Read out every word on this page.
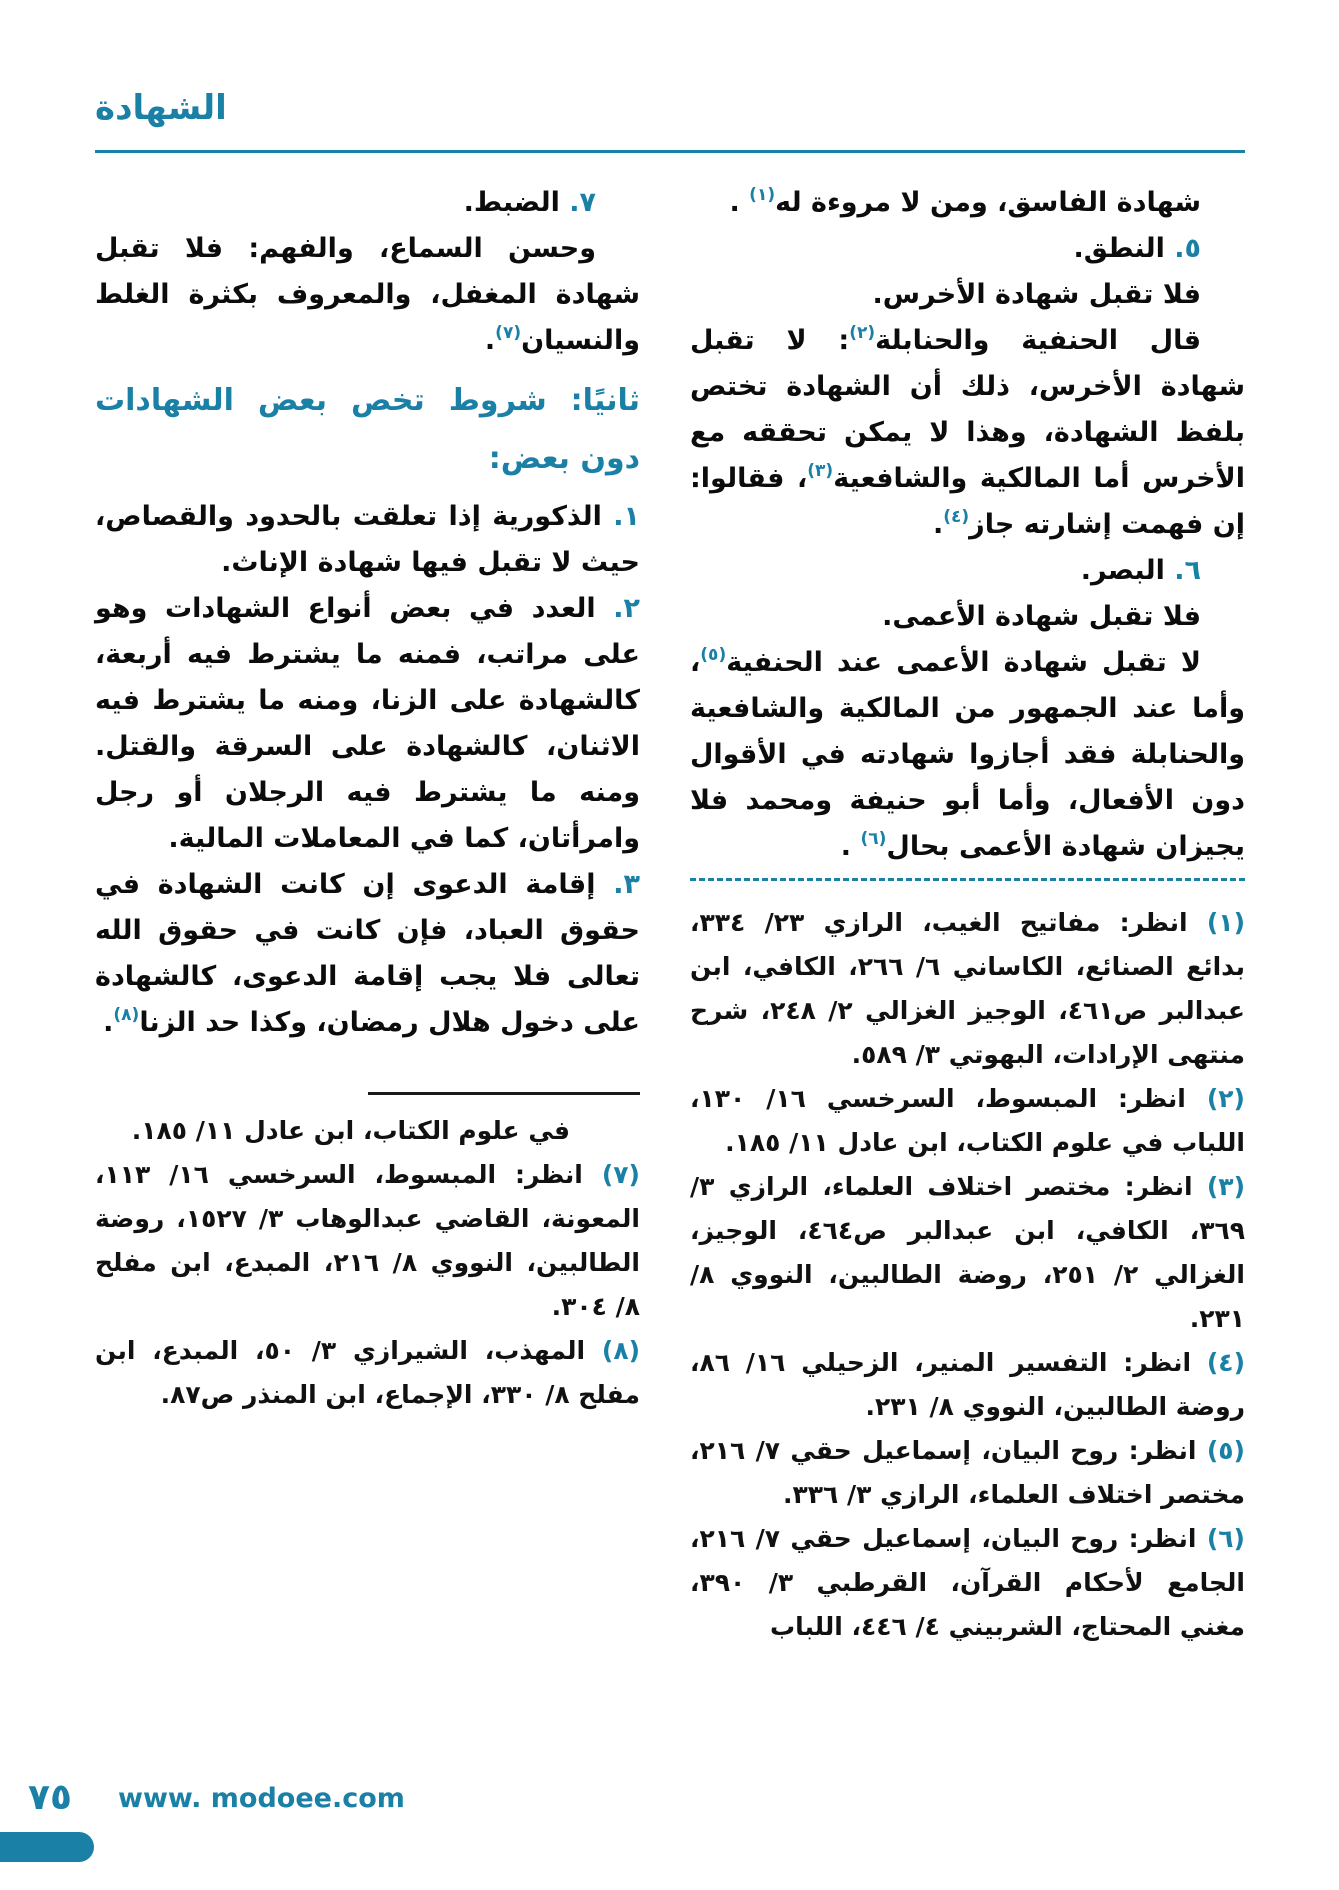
الشهادة

شهادة الفاسق، ومن لا مروءة له$^{(١)}$ .

٥. النطق.

فلا تقبل شهادة الأخرس.

قال الحنفية والحنابلة$^{(٢)}$: لا تقبل شهادة الأخرس، ذلك أن الشهادة تختص بلفظ الشهادة، وهذا لا يمكن تحققه مع الأخرس أما المالكية والشافعية$^{(٣)}$، فقالوا: إن فهمت إشارته جاز$^{(٤)}$.

٦. البصر.

فلا تقبل شهادة الأعمى.

لا تقبل شهادة الأعمى عند الحنفية$^{(٥)}$، وأما عند الجمهور من المالكية والشافعية والحنابلة فقد أجازوا شهادته في الأقوال دون الأفعال، وأما أبو حنيفة ومحمد فلا يجيزان شهادة الأعمى بحال$^{(٦)}$ .

(١) انظر: مفاتيح الغيب، الرازي ٢٣/ ٣٣٤، بدائع الصنائع، الكاساني ٦/ ٢٦٦، الكافي، ابن عبدالبر ص٤٦١، الوجيز الغزالي ٢/ ٢٤٨، شرح منتهى الإرادات، البهوتي ٣/ ٥٨٩.

(٢) انظر: المبسوط، السرخسي ١٦/ ١٣٠، اللباب في علوم الكتاب، ابن عادل ١١/ ١٨٥.

(٣) انظر: مختصر اختلاف العلماء، الرازي ٣/ ٣٦٩، الكافي، ابن عبدالبر ص٤٦٤، الوجيز، الغزالي ٢/ ٢٥١، روضة الطالبين، النووي ٨/ ٢٣١.

(٤) انظر: التفسير المنير، الزحيلي ١٦/ ٨٦، روضة الطالبين، النووي ٨/ ٢٣١.

(٥) انظر: روح البيان، إسماعيل حقي ٧/ ٢١٦، مختصر اختلاف العلماء، الرازي ٣/ ٣٣٦.

(٦) انظر: روح البيان، إسماعيل حقي ٧/ ٢١٦، الجامع لأحكام القرآن، القرطبي ٣/ ٣٩٠، مغني المحتاج، الشربيني ٤/ ٤٤٦، اللباب

٧. الضبط.

وحسن السماع، والفهم: فلا تقبل شهادة المغفل، والمعروف بكثرة الغلط والنسيان$^{(٧)}$.

ثانيًا: شروط تخص بعض الشهادات دون بعض:

١. الذكورية إذا تعلقت بالحدود والقصاص، حيث لا تقبل فيها شهادة الإناث.

٢. العدد في بعض أنواع الشهادات وهو على مراتب، فمنه ما يشترط فيه أربعة، كالشهادة على الزنا، ومنه ما يشترط فيه الاثنان، كالشهادة على السرقة والقتل. ومنه ما يشترط فيه الرجلان أو رجل وامرأتان، كما في المعاملات المالية.

٣. إقامة الدعوى إن كانت الشهادة في حقوق العباد، فإن كانت في حقوق الله تعالى فلا يجب إقامة الدعوى، كالشهادة على دخول هلال رمضان، وكذا حد الزنا$^{(٨)}$.

في علوم الكتاب، ابن عادل ١١/ ١٨٥.

(٧) انظر: المبسوط، السرخسي ١٦/ ١١٣، المعونة، القاضي عبدالوهاب ٣/ ١٥٢٧، روضة الطالبين، النووي ٨/ ٢١٦، المبدع، ابن مفلح ٨/ ٣٠٤.

(٨) المهذب، الشيرازي ٣/ ٥٠، المبدع، ابن مفلح ٨/ ٣٣٠، الإجماع، ابن المنذر ص٨٧.

٧٥ www. modoee.com
